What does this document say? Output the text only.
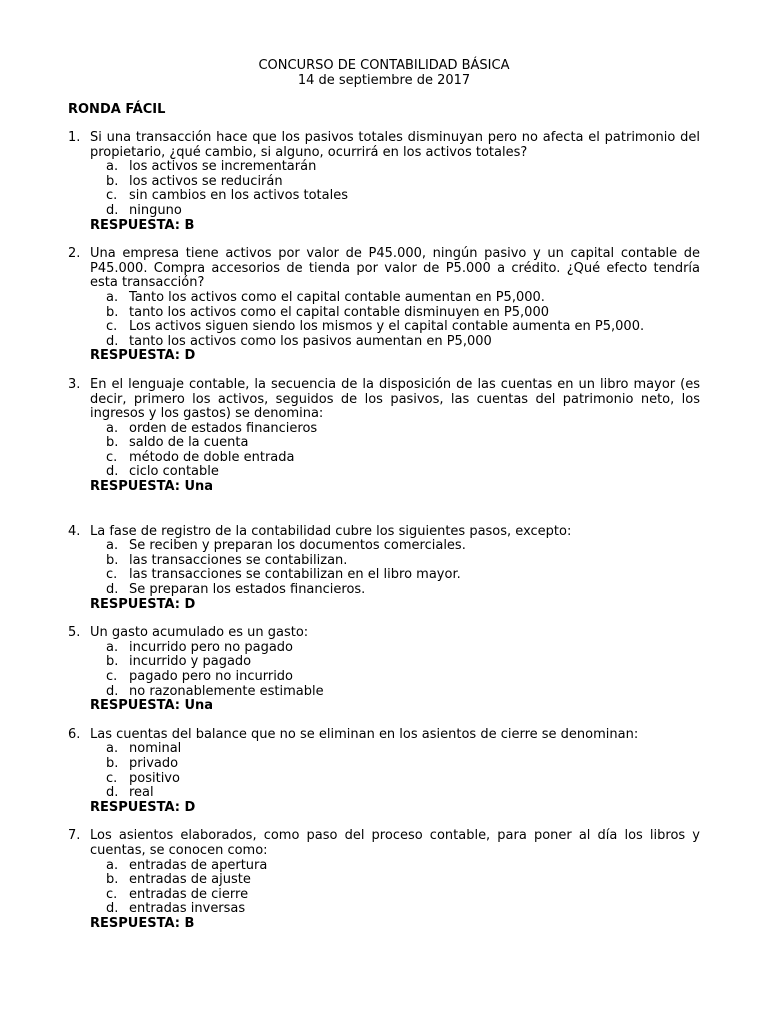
CONCURSO DE CONTABILIDAD BÁSICA
14 de septiembre de 2017
RONDA FÁCIL
1. Si una transacción hace que los pasivos totales disminuyan pero no afecta el patrimonio del propietario, ¿qué cambio, si alguno, ocurrirá en los activos totales?
a. los activos se incrementarán
b. los activos se reducirán
c. sin cambios en los activos totales
d. ninguno
RESPUESTA: B
2. Una empresa tiene activos por valor de P45.000, ningún pasivo y un capital contable de P45.000. Compra accesorios de tienda por valor de P5.000 a crédito. ¿Qué efecto tendría esta transacción?
a. Tanto los activos como el capital contable aumentan en P5,000.
b. tanto los activos como el capital contable disminuyen en P5,000
c. Los activos siguen siendo los mismos y el capital contable aumenta en P5,000.
d. tanto los activos como los pasivos aumentan en P5,000
RESPUESTA: D
3. En el lenguaje contable, la secuencia de la disposición de las cuentas en un libro mayor (es decir, primero los activos, seguidos de los pasivos, las cuentas del patrimonio neto, los ingresos y los gastos) se denomina:
a. orden de estados financieros
b. saldo de la cuenta
c. método de doble entrada
d. ciclo contable
RESPUESTA: Una
4. La fase de registro de la contabilidad cubre los siguientes pasos, excepto:
a. Se reciben y preparan los documentos comerciales.
b. las transacciones se contabilizan.
c. las transacciones se contabilizan en el libro mayor.
d. Se preparan los estados financieros.
RESPUESTA: D
5. Un gasto acumulado es un gasto:
a. incurrido pero no pagado
b. incurrido y pagado
c. pagado pero no incurrido
d. no razonablemente estimable
RESPUESTA: Una
6. Las cuentas del balance que no se eliminan en los asientos de cierre se denominan:
a. nominal
b. privado
c. positivo
d. real
RESPUESTA: D
7. Los asientos elaborados, como paso del proceso contable, para poner al día los libros y cuentas, se conocen como:
a. entradas de apertura
b. entradas de ajuste
c. entradas de cierre
d. entradas inversas
RESPUESTA: B
